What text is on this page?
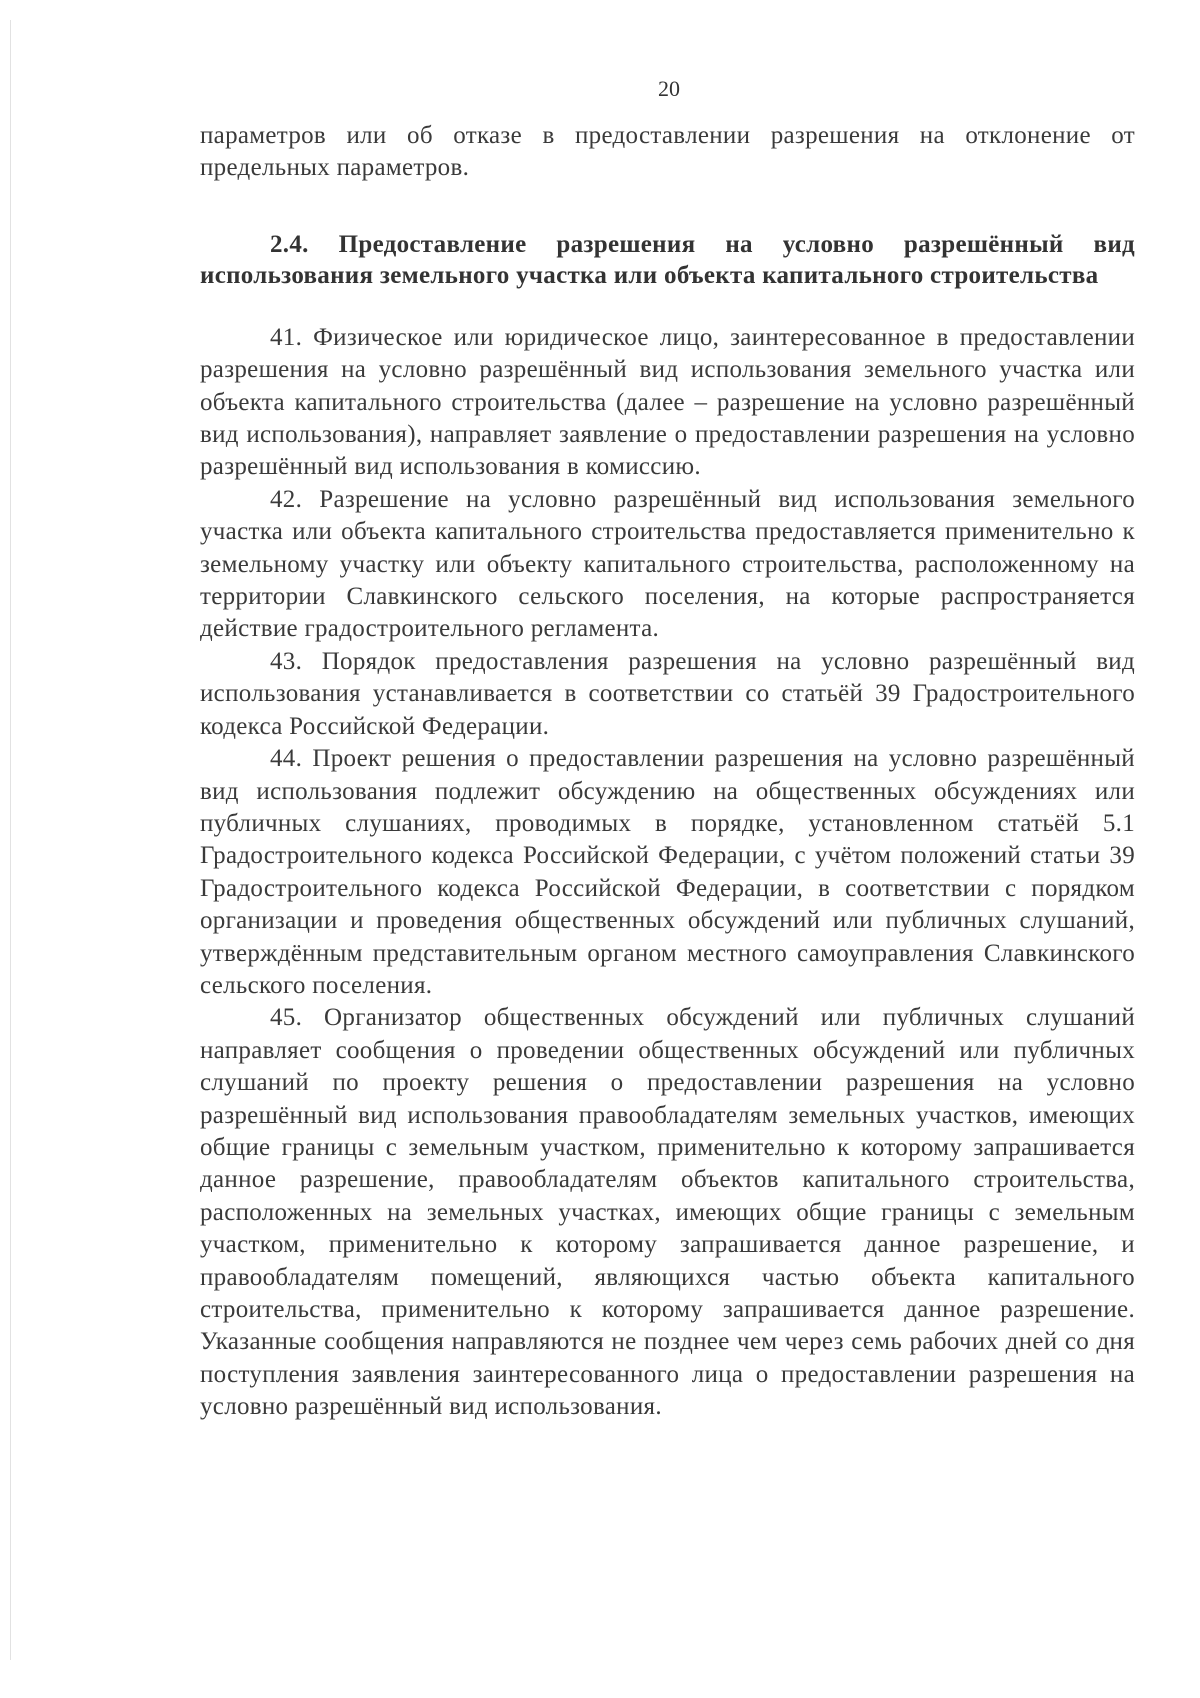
20

параметров или об отказе в предоставлении разрешения на отклонение от предельных параметров.

2.4. Предоставление разрешения на условно разрешённый вид использования земельного участка или объекта капитального строительства

41. Физическое или юридическое лицо, заинтересованное в предоставлении разрешения на условно разрешённый вид использования земельного участка или объекта капитального строительства (далее – разрешение на условно разрешённый вид использования), направляет заявление о предоставлении разрешения на условно разрешённый вид использования в комиссию.

42. Разрешение на условно разрешённый вид использования земельного участка или объекта капитального строительства предоставляется применительно к земельному участку или объекту капитального строительства, расположенному на территории Славкинского сельского поселения, на которые распространяется действие градостроительного регламента.

43. Порядок предоставления разрешения на условно разрешённый вид использования устанавливается в соответствии со статьёй 39 Градостроительного кодекса Российской Федерации.

44. Проект решения о предоставлении разрешения на условно разрешённый вид использования подлежит обсуждению на общественных обсуждениях или публичных слушаниях, проводимых в порядке, установленном статьёй 5.1 Градостроительного кодекса Российской Федерации, с учётом положений статьи 39 Градостроительного кодекса Российской Федерации, в соответствии с порядком организации и проведения общественных обсуждений или публичных слушаний, утверждённым представительным органом местного самоуправления Славкинского сельского поселения.

45. Организатор общественных обсуждений или публичных слушаний направляет сообщения о проведении общественных обсуждений или публичных слушаний по проекту решения о предоставлении разрешения на условно разрешённый вид использования правообладателям земельных участков, имеющих общие границы с земельным участком, применительно к которому запрашивается данное разрешение, правообладателям объектов капитального строительства, расположенных на земельных участках, имеющих общие границы с земельным участком, применительно к которому запрашивается данное разрешение, и правообладателям помещений, являющихся частью объекта капитального строительства, применительно к которому запрашивается данное разрешение. Указанные сообщения направляются не позднее чем через семь рабочих дней со дня поступления заявления заинтересованного лица о предоставлении разрешения на условно разрешённый вид использования.
